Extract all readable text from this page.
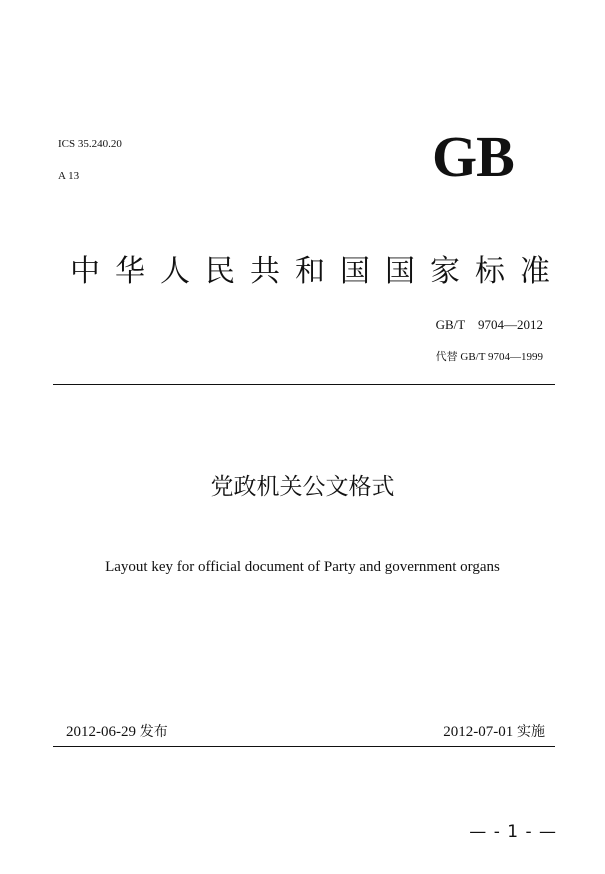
ICS 35.240.20
A 13	GB
中 华 人 民 共 和 国 国 家 标 准
GB/T　9704—2012
代替 GB/T 9704—1999
党政机关公文格式
Layout key for official document of Party and government organs
2012-06-29 发布	2012-07-01 实施
— - 1 - —
